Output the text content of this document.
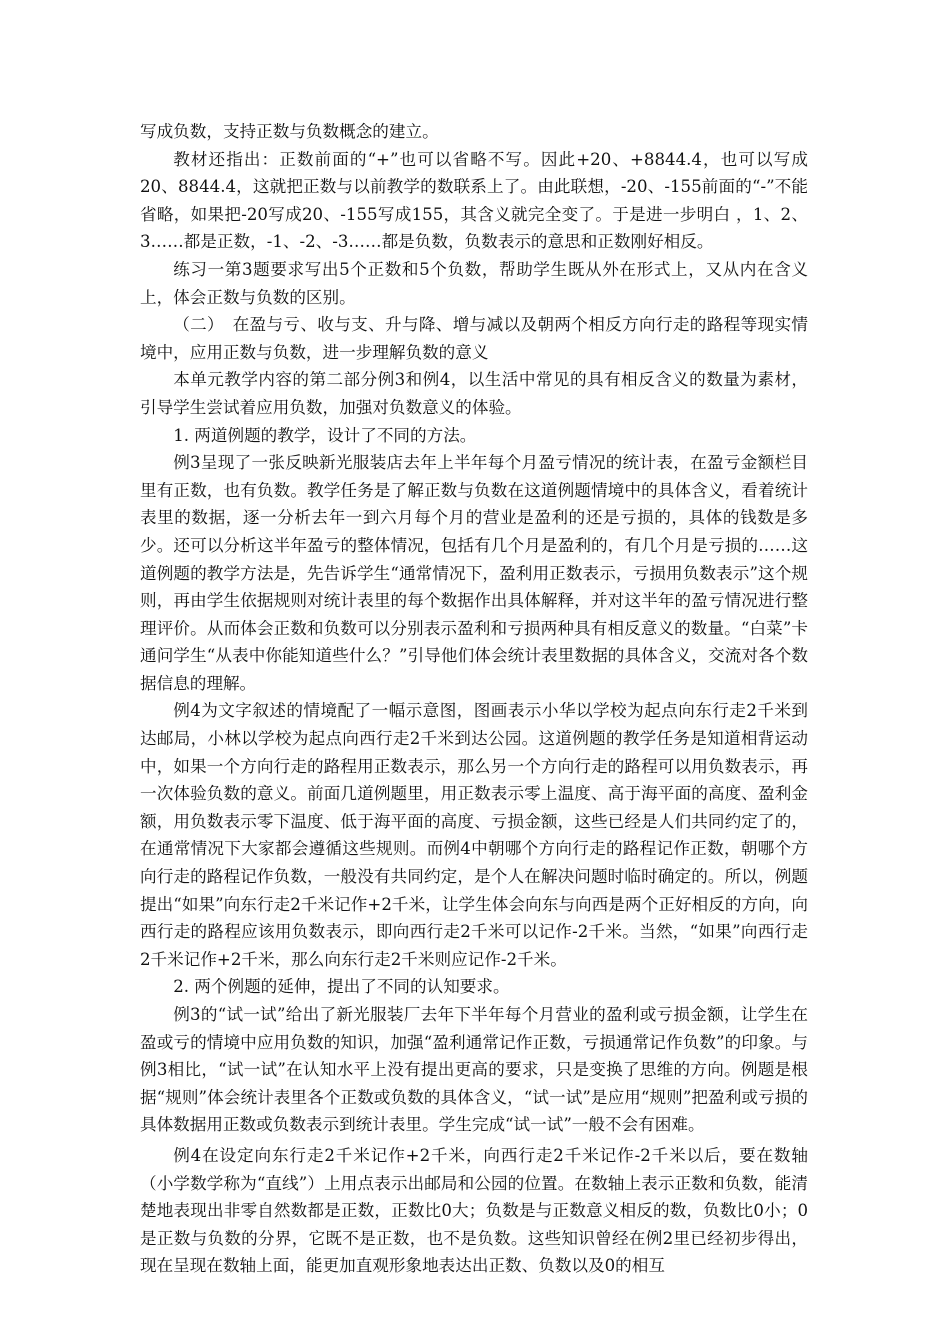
写成负数，支持正数与负数概念的建立。

教材还指出：正数前面的“+”也可以省略不写。因此+20、+8844.4，也可以写成20、8844.4，这就把正数与以前教学的数联系上了。由此联想，-20、-155前面的“-”不能省略，如果把-20写成20、-155写成155，其含义就完全变了。于是进一步明白 ，1、2、3……都是正数，-1、-2、-3……都是负数，负数表示的意思和正数刚好相反。

练习一第3题要求写出5个正数和5个负数，帮助学生既从外在形式上，又从内在含义上，体会正数与负数的区别。

（二）　在盈与亏、收与支、升与降、增与减以及朝两个相反方向行走的路程等现实情境中，应用正数与负数，进一步理解负数的意义

本单元教学内容的第二部分例3和例4，以生活中常见的具有相反含义的数量为素材，引导学生尝试着应用负数，加强对负数意义的体验。

1. 两道例题的教学，设计了不同的方法。

例3呈现了一张反映新光服装店去年上半年每个月盈亏情况的统计表，在盈亏金额栏目里有正数，也有负数。教学任务是了解正数与负数在这道例题情境中的具体含义，看着统计表里的数据，逐一分析去年一到六月每个月的营业是盈利的还是亏损的，具体的钱数是多少。还可以分析这半年盈亏的整体情况，包括有几个月是盈利的，有几个月是亏损的……这道例题的教学方法是，先告诉学生“通常情况下，盈利用正数表示，亏损用负数表示”这个规则，再由学生依据规则对统计表里的每个数据作出具体解释，并对这半年的盈亏情况进行整理评价。从而体会正数和负数可以分别表示盈利和亏损两种具有相反意义的数量。“白菜”卡通问学生“从表中你能知道些什么？”引导他们体会统计表里数据的具体含义，交流对各个数据信息的理解。

例4为文字叙述的情境配了一幅示意图，图画表示小华以学校为起点向东行走2千米到达邮局，小林以学校为起点向西行走2千米到达公园。这道例题的教学任务是知道相背运动中，如果一个方向行走的路程用正数表示，那么另一个方向行走的路程可以用负数表示，再一次体验负数的意义。前面几道例题里，用正数表示零上温度、高于海平面的高度、盈利金额，用负数表示零下温度、低于海平面的高度、亏损金额，这些已经是人们共同约定了的，在通常情况下大家都会遵循这些规则。而例4中朝哪个方向行走的路程记作正数，朝哪个方向行走的路程记作负数，一般没有共同约定，是个人在解决问题时临时确定的。所以，例题提出“如果”向东行走2千米记作+2千米，让学生体会向东与向西是两个正好相反的方向，向西行走的路程应该用负数表示，即向西行走2千米可以记作-2千米。当然，“如果”向西行走2千米记作+2千米，那么向东行走2千米则应记作-2千米。

2. 两个例题的延伸，提出了不同的认知要求。

例3的“试一试”给出了新光服装厂去年下半年每个月营业的盈利或亏损金额，让学生在盈或亏的情境中应用负数的知识，加强“盈利通常记作正数，亏损通常记作负数”的印象。与例3相比，“试一试”在认知水平上没有提出更高的要求，只是变换了思维的方向。例题是根据“规则”体会统计表里各个正数或负数的具体含义，“试一试”是应用“规则”把盈利或亏损的具体数据用正数或负数表示到统计表里。学生完成“试一试”一般不会有困难。

例4在设定向东行走2千米记作+2千米，向西行走2千米记作-2千米以后，要在数轴（小学数学称为“直线”）上用点表示出邮局和公园的位置。在数轴上表示正数和负数，能清楚地表现出非零自然数都是正数，正数比0大；负数是与正数意义相反的数，负数比0小；0是正数与负数的分界，它既不是正数，也不是负数。这些知识曾经在例2里已经初步得出，现在呈现在数轴上面，能更加直观形象地表达出正数、负数以及0的相互
